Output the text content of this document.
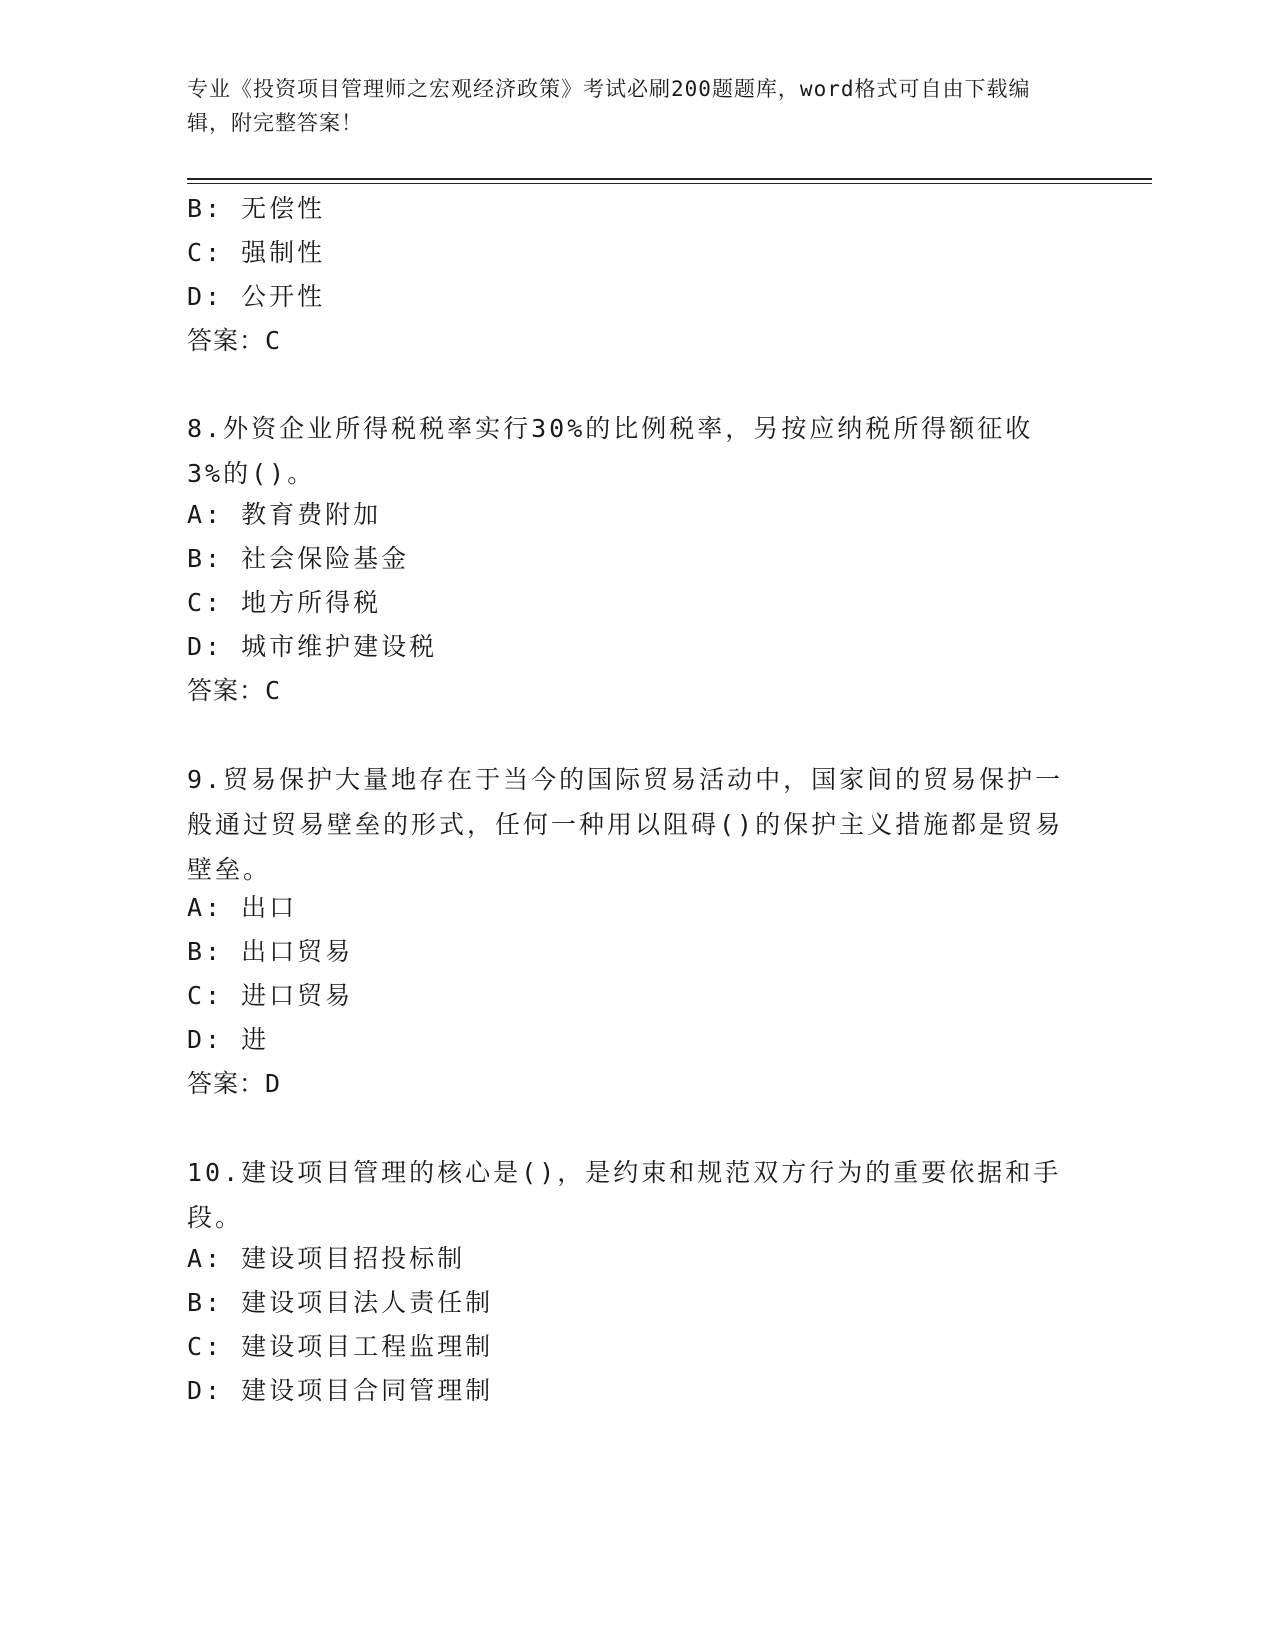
专业《投资项目管理师之宏观经济政策》考试必刷200题题库，word格式可自由下载编辑，附完整答案！
B: 无偿性
C: 强制性
D: 公开性
答案：C
8.外资企业所得税税率实行30%的比例税率，另按应纳税所得额征收3%的()。
A: 教育费附加
B: 社会保险基金
C: 地方所得税
D: 城市维护建设税
答案：C
9.贸易保护大量地存在于当今的国际贸易活动中，国家间的贸易保护一般通过贸易壁垒的形式，任何一种用以阻碍()的保护主义措施都是贸易壁垒。
A: 出口
B: 出口贸易
C: 进口贸易
D: 进
答案：D
10.建设项目管理的核心是()，是约束和规范双方行为的重要依据和手段。
A: 建设项目招投标制
B: 建设项目法人责任制
C: 建设项目工程监理制
D: 建设项目合同管理制
